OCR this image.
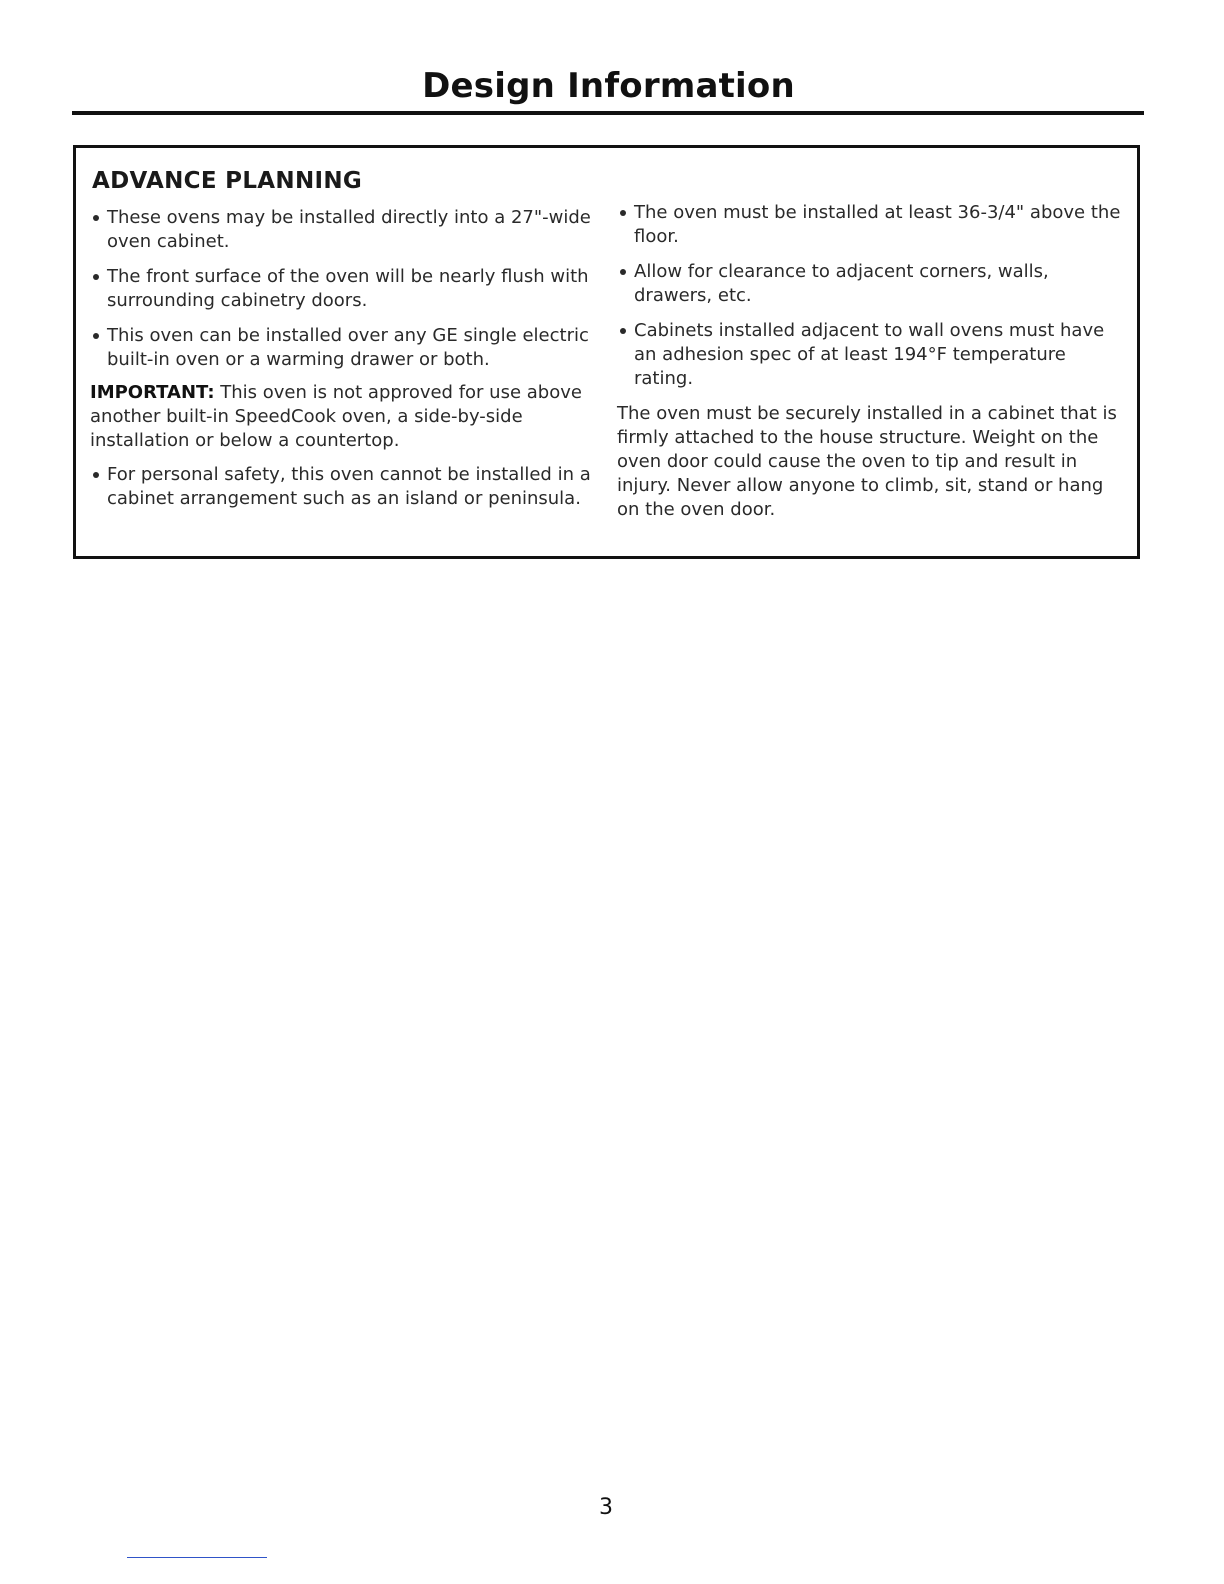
Design Information
ADVANCE PLANNING
These ovens may be installed directly into a 27"-wide oven cabinet.
The front surface of the oven will be nearly flush with surrounding cabinetry doors.
This oven can be installed over any GE single electric built-in oven or a warming drawer or both.

IMPORTANT: This oven is not approved for use above another built-in SpeedCook oven, a side-by-side installation or below a countertop.

For personal safety, this oven cannot be installed in a cabinet arrangement such as an island or peninsula.
The oven must be installed at least 36-3/4" above the floor.
Allow for clearance to adjacent corners, walls, drawers, etc.
Cabinets installed adjacent to wall ovens must have an adhesion spec of at least 194°F temperature rating.

The oven must be securely installed in a cabinet that is firmly attached to the house structure. Weight on the oven door could cause the oven to tip and result in injury. Never allow anyone to climb, sit, stand or hang on the oven door.

3
